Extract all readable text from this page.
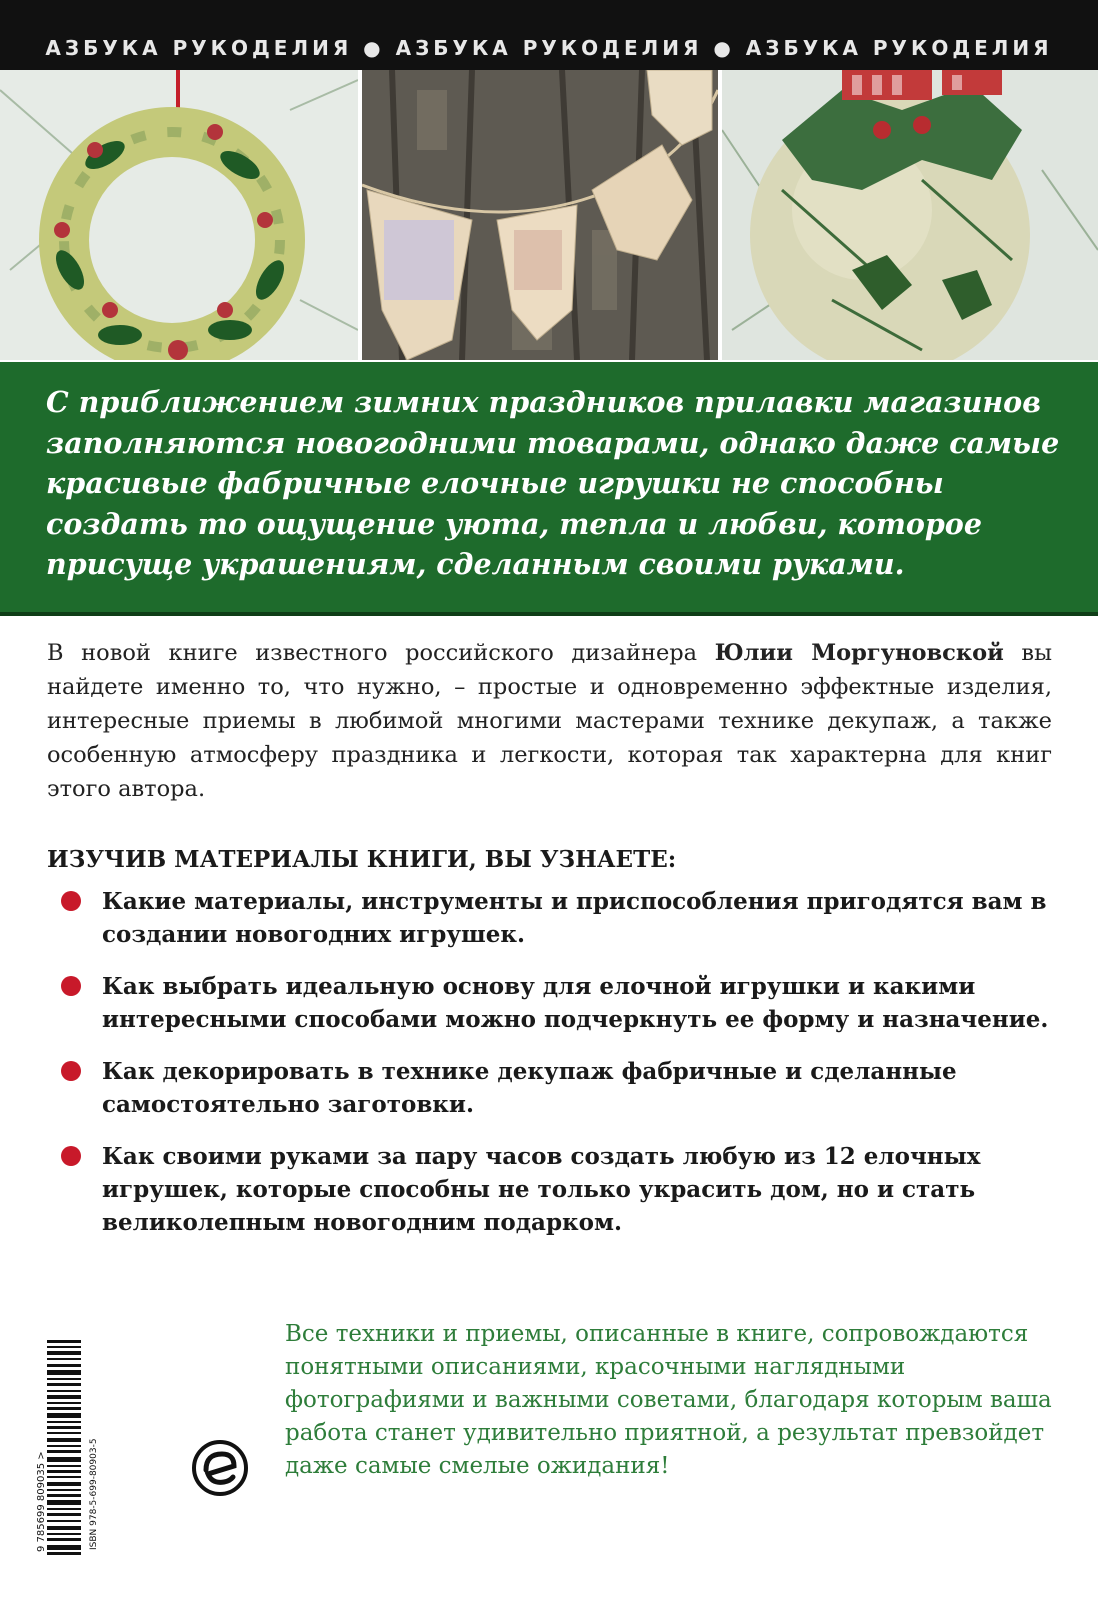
АЗБУКА РУКОДЕЛИЯ ● АЗБУКА РУКОДЕЛИЯ ● АЗБУКА РУКОДЕЛИЯ
С приближением зимних праздников прилавки магазинов заполняются новогодними товарами, однако даже самые красивые фабричные елочные игрушки не способны создать то ощущение уюта, тепла и любви, которое присуще украшениям, сделанным своими руками.
В новой книге известного российского дизайнера Юлии Моргуновской вы найдете именно то, что нужно, – простые и одновременно эффектные изделия, интересные приемы в любимой многими мастерами технике декупаж, а также особенную атмосферу праздника и легкости, которая так характерна для книг этого автора.
ИЗУЧИВ МАТЕРИАЛЫ КНИГИ, ВЫ УЗНАЕТЕ:
Какие материалы, инструменты и приспособления пригодятся вам в создании новогодних игрушек.
Как выбрать идеальную основу для елочной игрушки и какими интересными способами можно подчеркнуть ее форму и назначение.
Как декорировать в технике декупаж фабричные и сделанные самостоятельно заготовки.
Как своими руками за пару часов создать любую из 12 елочных игрушек, которые способны не только украсить дом, но и стать великолепным новогодним подарком.
ISBN 978-5-699-80903-5
9 785699 809035 >
Все техники и приемы, описанные в книге, сопровождаются понятными описаниями, красочными наглядными фотографиями и важными советами, благодаря которым ваша работа станет удивительно приятной, а результат превзойдет даже самые смелые ожидания!
